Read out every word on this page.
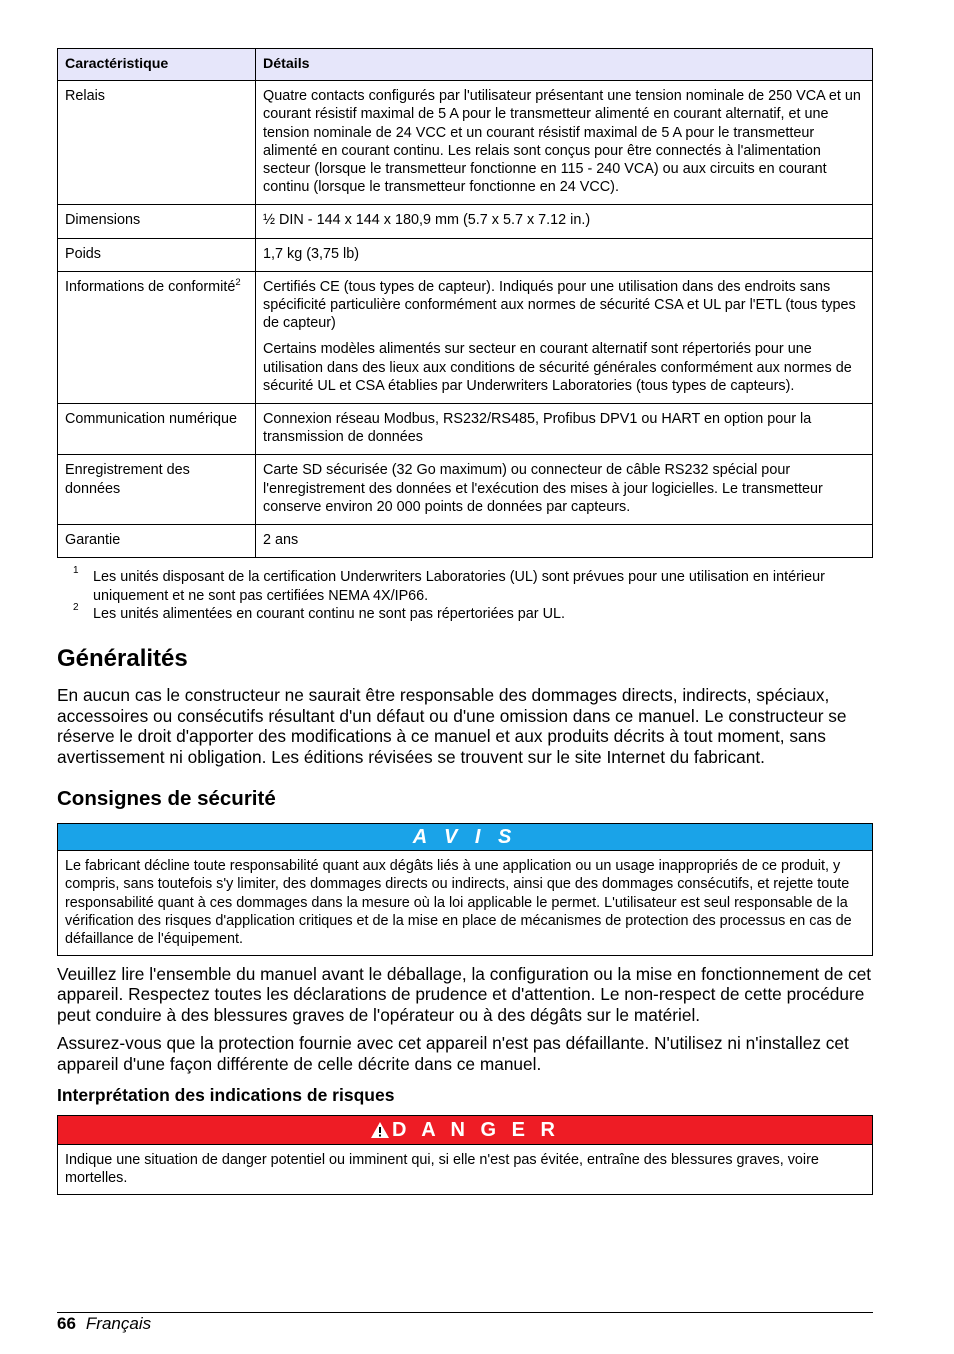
Caractéristique	Détails
Relais	Quatre contacts configurés par l'utilisateur présentant une tension nominale de 250 VCA et un courant résistif maximal de 5 A pour le transmetteur alimenté en courant alternatif, et une tension nominale de 24 VCC et un courant résistif maximal de 5 A pour le transmetteur alimenté en courant continu. Les relais sont conçus pour être connectés à l'alimentation secteur (lorsque le transmetteur fonctionne en 115 - 240 VCA) ou aux circuits en courant continu (lorsque le transmetteur fonctionne en 24 VCC).

Dimensions	½ DIN - 144 x 144 x 180,9 mm (5.7 x 5.7 x 7.12 in.)

Poids	1,7 kg (3,75 lb)

Informations de conformité$^2$	Certifiés CE (tous types de capteur). Indiqués pour une utilisation dans des endroits sans spécificité particulière conformément aux normes de sécurité CSA et UL par l'ETL (tous types de capteur)

Certains modèles alimentés sur secteur en courant alternatif sont répertoriés pour une utilisation dans des lieux aux conditions de sécurité générales conformément aux normes de sécurité UL et CSA établies par Underwriters Laboratories (tous types de capteurs).

Communication numérique	Connexion réseau Modbus, RS232/RS485, Profibus DPV1 ou HART en option pour la transmission de données

Enregistrement des données	Carte SD sécurisée (32 Go maximum) ou connecteur de câble RS232 spécial pour l'enregistrement des données et l'exécution des mises à jour logicielles. Le transmetteur conserve environ 20 000 points de données par capteurs.

Garantie	2 ans

1 Les unités disposant de la certification Underwriters Laboratories (UL) sont prévues pour une utilisation en intérieur uniquement et ne sont pas certifiées NEMA 4X/IP66.
2 Les unités alimentées en courant continu ne sont pas répertoriées par UL.
Généralités

En aucun cas le constructeur ne saurait être responsable des dommages directs, indirects, spéciaux, accessoires ou consécutifs résultant d'un défaut ou d'une omission dans ce manuel. Le constructeur se réserve le droit d'apporter des modifications à ce manuel et aux produits décrits à tout moment, sans avertissement ni obligation. Les éditions révisées se trouvent sur le site Internet du fabricant.

Consignes de sécurité
A V I S
Le fabricant décline toute responsabilité quant aux dégâts liés à une application ou un usage inappropriés de ce produit, y compris, sans toutefois s'y limiter, des dommages directs ou indirects, ainsi que des dommages consécutifs, et rejette toute responsabilité quant à ces dommages dans la mesure où la loi applicable le permet. L'utilisateur est seul responsable de la vérification des risques d'application critiques et de la mise en place de mécanismes de protection des processus en cas de défaillance de l'équipement.

Veuillez lire l'ensemble du manuel avant le déballage, la configuration ou la mise en fonctionnement de cet appareil. Respectez toutes les déclarations de prudence et d'attention. Le non-respect de cette procédure peut conduire à des blessures graves de l'opérateur ou à des dégâts sur le matériel.

Assurez-vous que la protection fournie avec cet appareil n'est pas défaillante. N'utilisez ni n'installez cet appareil d'une façon différente de celle décrite dans ce manuel.

Interprétation des indications de risques
D A N G E R
Indique une situation de danger potentiel ou imminent qui, si elle n'est pas évitée, entraîne des blessures graves, voire mortelles.
66 Français
